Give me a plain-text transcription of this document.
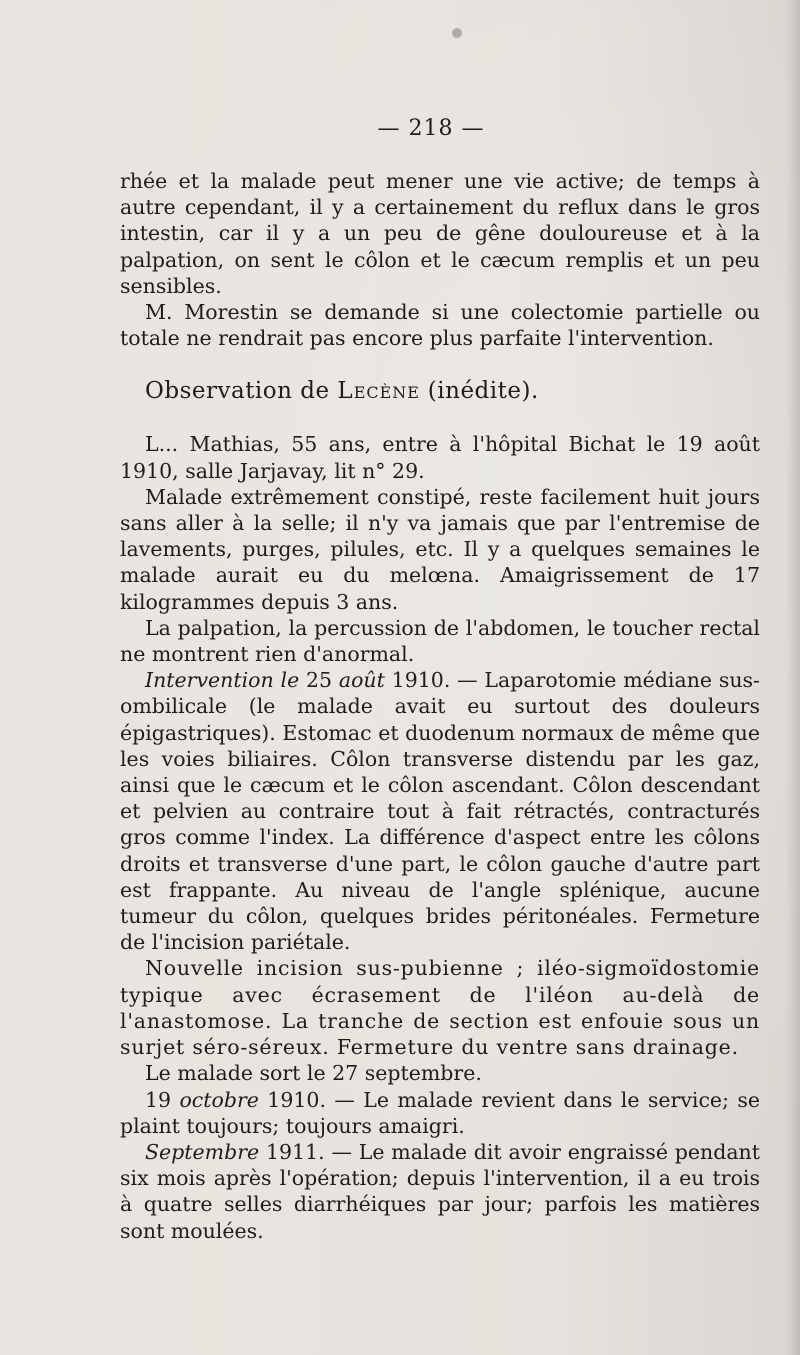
— 218 —

rhée et la malade peut mener une vie active; de temps à autre cependant, il y a certainement du reflux dans le gros intestin, car il y a un peu de gêne douloureuse et à la palpation, on sent le côlon et le cæcum remplis et un peu sensibles.

M. Morestin se demande si une colectomie partielle ou totale ne rendrait pas encore plus parfaite l'intervention.

Observation de Lecène (inédite).

L... Mathias, 55 ans, entre à l'hôpital Bichat le 19 août 1910, salle Jarjavay, lit n° 29.

Malade extrêmement constipé, reste facilement huit jours sans aller à la selle; il n'y va jamais que par l'entremise de lavements, purges, pilules, etc. Il y a quelques semaines le malade aurait eu du melœna. Amaigrissement de 17 kilogrammes depuis 3 ans.

La palpation, la percussion de l'abdomen, le toucher rectal ne montrent rien d'anormal.

Intervention le 25 août 1910. — Laparotomie médiane sus-ombilicale (le malade avait eu surtout des douleurs épigastriques). Estomac et duodenum normaux de même que les voies biliaires. Côlon transverse distendu par les gaz, ainsi que le cæcum et le côlon ascendant. Côlon descendant et pelvien au contraire tout à fait rétractés, contracturés gros comme l'index. La différence d'aspect entre les côlons droits et transverse d'une part, le côlon gauche d'autre part est frappante. Au niveau de l'angle splénique, aucune tumeur du côlon, quelques brides péritonéales. Fermeture de l'incision pariétale.

Nouvelle incision sus-pubienne ; iléo-sigmoïdostomie typique avec écrasement de l'iléon au-delà de l'anastomose. La tranche de section est enfouie sous un surjet séro-séreux. Fermeture du ventre sans drainage.

Le malade sort le 27 septembre.

19 octobre 1910. — Le malade revient dans le service; se plaint toujours; toujours amaigri.

Septembre 1911. — Le malade dit avoir engraissé pendant six mois après l'opération; depuis l'intervention, il a eu trois à quatre selles diarrhéiques par jour; parfois les matières sont moulées.
